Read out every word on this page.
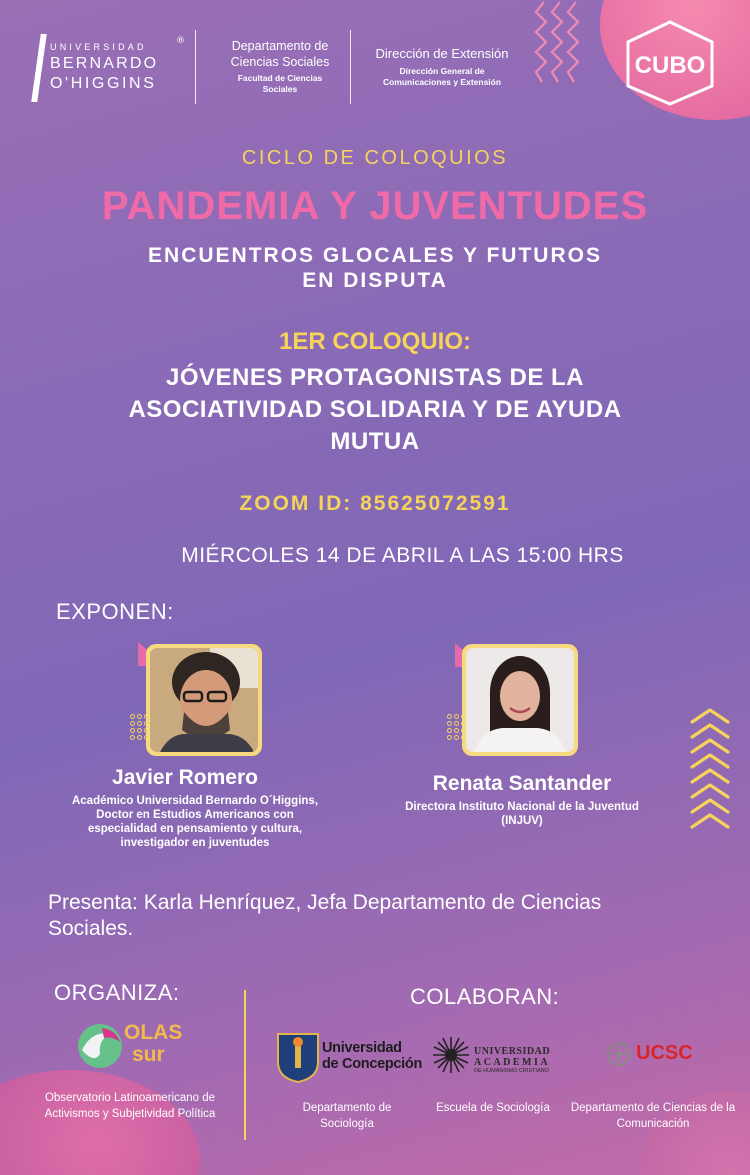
UNIVERSIDAD
BERNARDO
O'HIGGINS
®	Departamento de Ciencias Sociales
Facultad de Ciencias Sociales
Dirección de Extensión
Dirección General de Comunicaciones y Extensión
CUBO
CICLO DE COLOQUIOS
PANDEMIA Y JUVENTUDES
ENCUENTROS GLOCALES Y FUTUROS
EN DISPUTA
1ER COLOQUIO:
JÓVENES PROTAGONISTAS DE LA
ASOCIATIVIDAD SOLIDARIA Y DE AYUDA
MUTUA
ZOOM ID: 85625072591
MIÉRCOLES 14 DE ABRIL A LAS 15:00 HRS
EXPONEN:
Javier Romero
Académico Universidad Bernardo O´Higgins,
Doctor en Estudios Americanos con
especialidad en pensamiento y cultura,
investigador en juventudes
Renata Santander
Directora Instituto Nacional de la Juventud
(INJUV)
Presenta: Karla Henríquez, Jefa Departamento de Ciencias Sociales.
ORGANIZA:
OLAS
sur
Observatorio Latinoamericano de Activismos y Subjetividad Política
COLABORAN:
Universidad
de Concepción
Departamento de Sociología
UNIVERSIDAD
ACADEMIA
DE HUMANISMO CRISTIANO
Escuela de Sociología
UCSC
Departamento de Ciencias de la Comunicación
